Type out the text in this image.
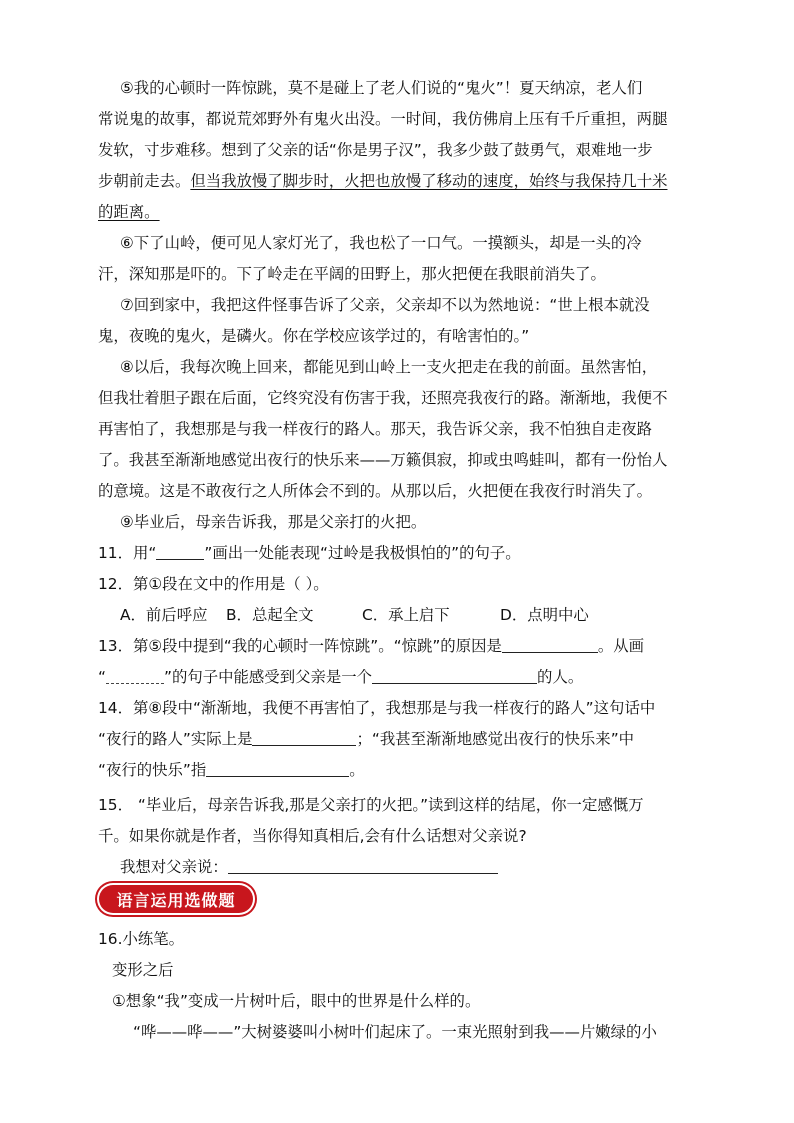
⑤我的心顿时一阵惊跳，莫不是碰上了老人们说的“鬼火”！夏天纳凉，老人们
常说鬼的故事，都说荒郊野外有鬼火出没。一时间，我仿佛肩上压有千斤重担，两腿
发软，寸步难移。想到了父亲的话“你是男子汉”，我多少鼓了鼓勇气，艰难地一步
步朝前走去。但当我放慢了脚步时，火把也放慢了移动的速度，始终与我保持几十米
的距离。
⑥下了山岭，便可见人家灯光了，我也松了一口气。一摸额头，却是一头的冷
汗，深知那是吓的。下了岭走在平阔的田野上，那火把便在我眼前消失了。
⑦回到家中，我把这件怪事告诉了父亲，父亲却不以为然地说：“世上根本就没
鬼，夜晚的鬼火，是磷火。你在学校应该学过的，有啥害怕的。”
⑧以后，我每次晚上回来，都能见到山岭上一支火把走在我的前面。虽然害怕，
但我壮着胆子跟在后面，它终究没有伤害于我，还照亮我夜行的路。渐渐地，我便不
再害怕了，我想那是与我一样夜行的路人。那天，我告诉父亲，我不怕独自走夜路
了。我甚至渐渐地感觉出夜行的快乐来——万籁俱寂，抑或虫鸣蛙叫，都有一份怡人
的意境。这是不敢夜行之人所体会不到的。从那以后，火把便在我夜行时消失了。
⑨毕业后，母亲告诉我，那是父亲打的火把。
11．用“	”画出一处能表现“过岭是我极惧怕的”的句子。
12．第①段在文中的作用是（ ）。
A．前后呼应 B．总起全文	C．承上启下	D．点明中心
13．第⑤段中提到“我的心顿时一阵惊跳”。“惊跳”的原因是	。从画
“	”的句子中能感受到父亲是一个	的人。
14．第⑧段中“渐渐地，我便不再害怕了，我想那是与我一样夜行的路人”这句话中
“夜行的路人”实际上是	；“我甚至渐渐地感觉出夜行的快乐来”中
“夜行的快乐”指	。
15． “毕业后，母亲告诉我,那是父亲打的火把。”读到这样的结尾，你一定感慨万
千。如果你就是作者，当你得知真相后,会有什么话想对父亲说?
我想对父亲说：
语言运用选做题
16.小练笔。
变形之后
①想象“我”变成一片树叶后，眼中的世界是什么样的。
“哗——哗——”大树婆婆叫小树叶们起床了。一束光照射到我——片嫩绿的小
